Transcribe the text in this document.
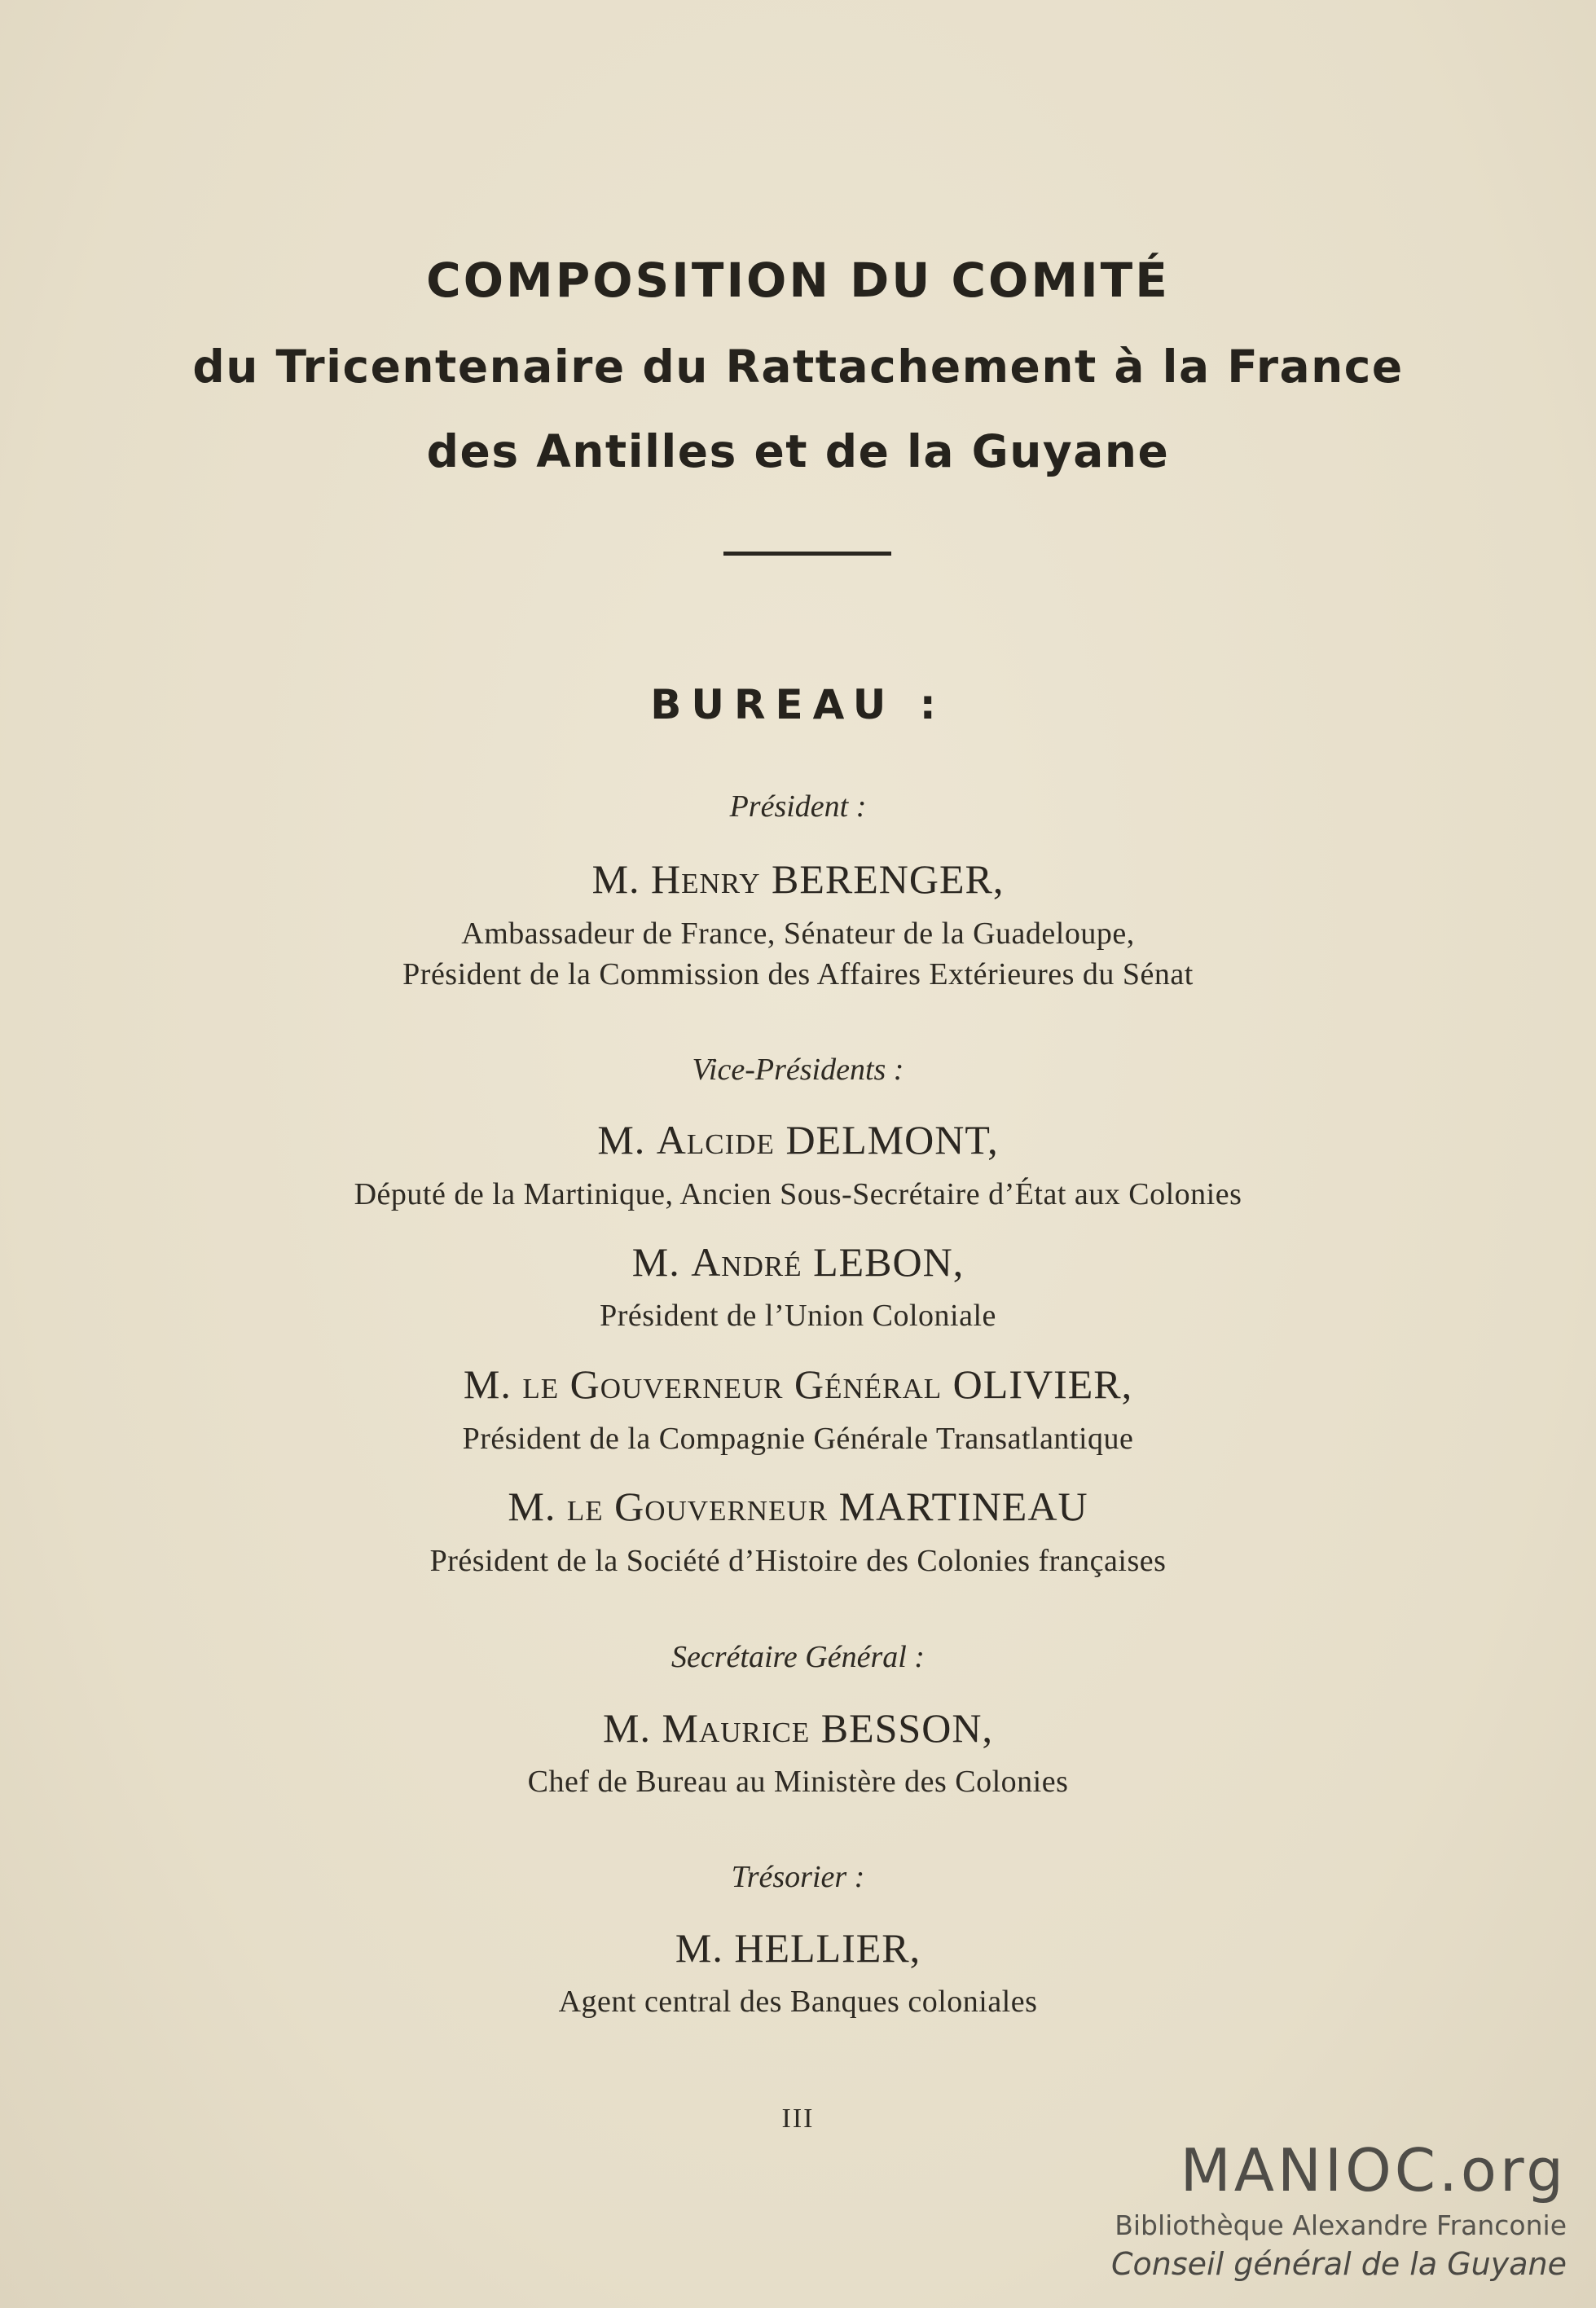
COMPOSITION DU COMITÉ
du Tricentenaire du Rattachement à la France
des Antilles et de la Guyane
BUREAU :
Président :
M. Henry BERENGER,
Ambassadeur de France, Sénateur de la Guadeloupe,
Président de la Commission des Affaires Extérieures du Sénat
Vice-Présidents :
M. Alcide DELMONT,
Député de la Martinique, Ancien Sous-Secrétaire d’État aux Colonies
M. André LEBON,
Président de l’Union Coloniale
M. le Gouverneur Général OLIVIER,
Président de la Compagnie Générale Transatlantique
M. le Gouverneur MARTINEAU
Président de la Société d’Histoire des Colonies françaises
Secrétaire Général :
M. Maurice BESSON,
Chef de Bureau au Ministère des Colonies
Trésorier :
M. HELLIER,
Agent central des Banques coloniales
III
MANIOC.org
Bibliothèque Alexandre Franconie
Conseil général de la Guyane
